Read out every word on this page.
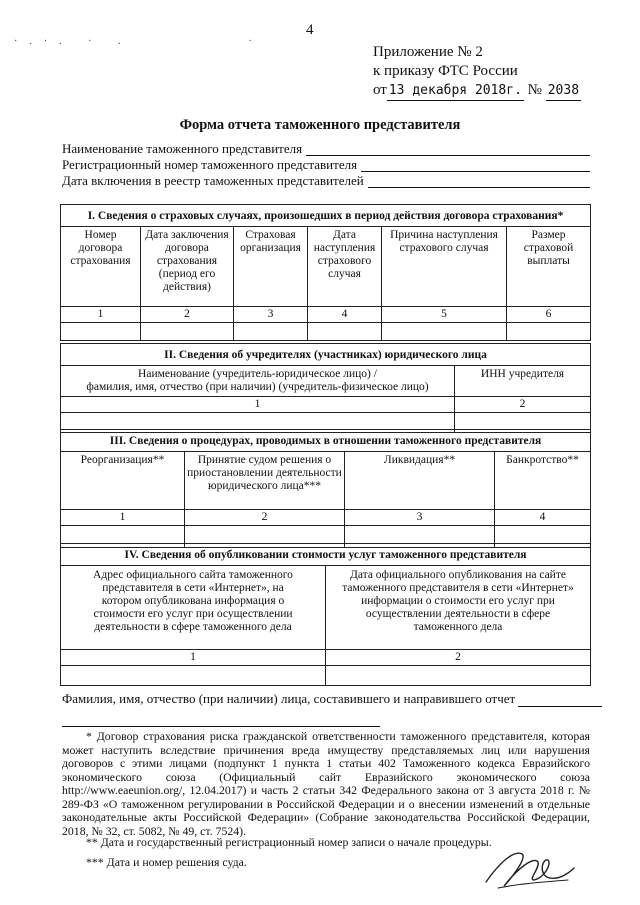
4
·.·. · .        ·
Приложение № 2
к приказу ФТС России
от 13 декабря 2018г. № 2038
Форма отчета таможенного представителя
Наименование таможенного представителя
Регистрационный номер таможенного представителя
Дата включения в реестр таможенных представителей
I. Сведения о страховых случаях, произошедших в период действия договора страхования*					
Номер договора страхования	Дата заключения договора страхования (период его действия)	Страховая организация	Дата наступления страхового случая	Причина наступления страхового случая	Размер страховой выплаты
1	2	3	4	5	6

II. Сведения об учредителях (участниках) юридического лица	

Наименование (учредитель-юридическое лицо) /
фамилия, имя, отчество (при наличии) (учредитель-физическое лицо)	ИНН учредителя
1	2

III. Сведения о процедурах, проводимых в отношении таможенного представителя			
Реорганизация**	Принятие судом решения о приостановлении деятельности юридического лица***	Ликвидация**	Банкротство**
1	2	3	4

IV. Сведения об опубликовании стоимости услуг таможенного представителя	
Адрес официального сайта таможенного представителя в сети «Интернет», на котором опубликована информация о стоимости его услуг при осуществлении деятельности в сфере таможенного дела	Дата официального опубликования на сайте таможенного представителя в сети «Интернет» информации о стоимости его услуг при осуществлении деятельности в сфере таможенного дела
1	2

Фамилия, имя, отчество (при наличии) лица, составившего и направившего отчет
* Договор страхования риска гражданской ответственности таможенного представителя, которая может наступить вследствие причинения вреда имуществу представляемых лиц или нарушения договоров с этими лицами (подпункт 1 пункта 1 статьи 402 Таможенного кодекса Евразийского экономического союза (Официальный сайт Евразийского экономического союза http://www.eaeunion.org/, 12.04.2017) и часть 2 статьи 342 Федерального закона от 3 августа 2018 г. № 289-ФЗ «О таможенном регулировании в Российской Федерации и о внесении изменений в отдельные законодательные акты Российской Федерации» (Собрание законодательства Российской Федерации, 2018, № 32, ст. 5082, № 49, ст. 7524).
** Дата и государственный регистрационный номер записи о начале процедуры.
*** Дата и номер решения суда.
